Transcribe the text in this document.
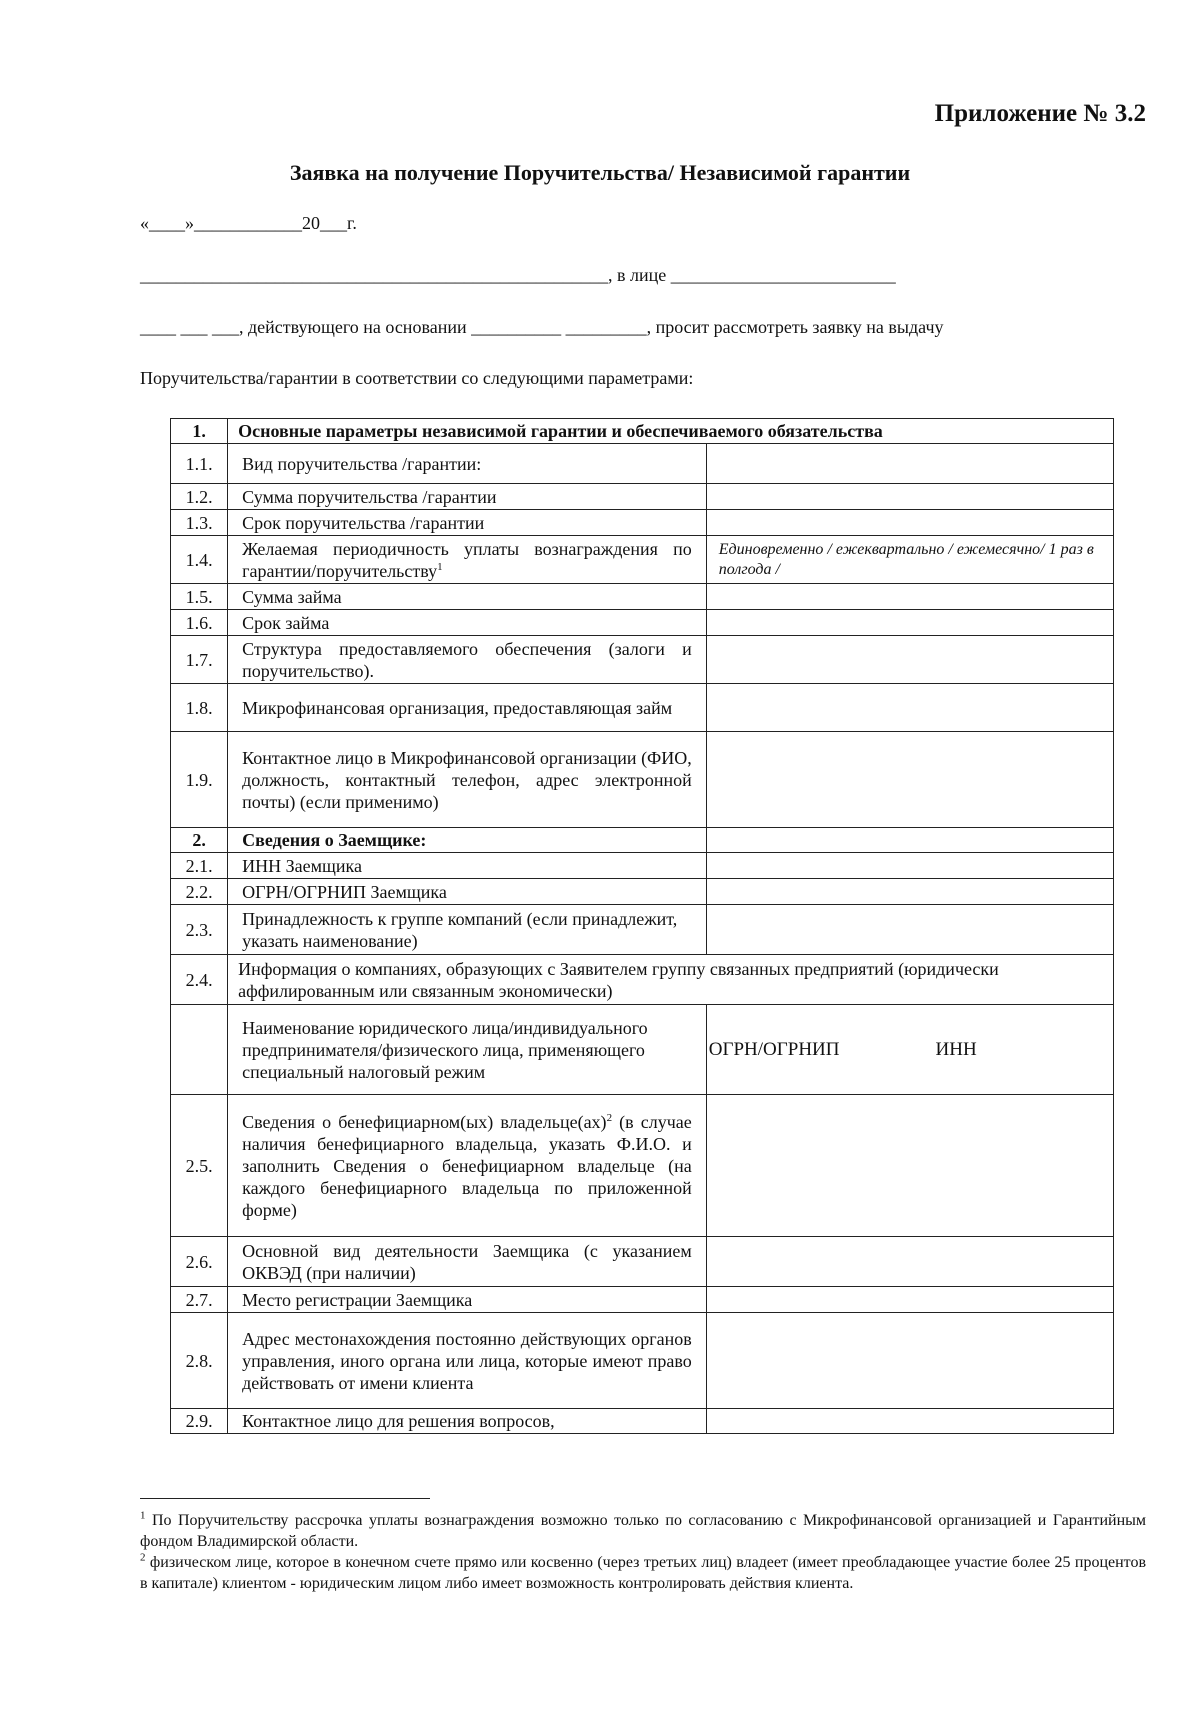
Приложение № 3.2
Заявка на получение Поручительства/ Независимой гарантии
«____»____________20___г.
____________________________________________________, в лице _________________________
____ ___ ___, действующего на основании __________ _________, просит рассмотреть заявку на выдачу
Поручительства/гарантии в соответствии со следующими параметрами:
1.	Основные параметры независимой гарантии и обеспечиваемого обязательства	
1.1.	Вид поручительства /гарантии:	
1.2.	Сумма поручительства /гарантии	
1.3.	Срок поручительства /гарантии	
1.4.	Желаемая периодичность уплаты вознаграждения по гарантии/поручительству$^1$	Единовременно / ежеквартально / ежемесячно/ 1 раз в полгода /
1.5.	Сумма займа	
1.6.	Срок займа	
1.7.	Структура предоставляемого обеспечения (залоги и поручительство).	
1.8.	Микрофинансовая организация, предоставляющая займ	
1.9.	Контактное лицо в Микрофинансовой организации (ФИО, должность, контактный телефон, адрес электронной почты) (если применимо)	
2.	Сведения о Заемщике:	
2.1.	ИНН Заемщика	
2.2.	ОГРН/ОГРНИП Заемщика	
2.3.	Принадлежность к группе компаний (если принадлежит, указать наименование)	
2.4.	Информация о компаниях, образующих с Заявителем группу связанных предприятий (юридически аффилированным или связанным экономически)	
	Наименование юридического лица/индивидуального предпринимателя/физического лица, применяющего специальный налоговый режим	ОГРН/ОГРНИП ИНН
2.5.	Сведения о бенефициарном(ых) владельце(ах)$^2$ (в случае наличия бенефициарного владельца, указать Ф.И.О. и заполнить Сведения о бенефициарном владельце (на каждого бенефициарного владельца по приложенной форме)	
2.6.	Основной вид деятельности Заемщика (с указанием ОКВЭД (при наличии)	
2.7.	Место регистрации Заемщика	
2.8.	Адрес местонахождения постоянно действующих органов управления, иного органа или лица, которые имеют право действовать от имени клиента	
2.9.	Контактное лицо для решения вопросов,	

$^1$ По Поручительству рассрочка уплаты вознаграждения возможно только по согласованию с Микрофинансовой организацией и Гарантийным фондом Владимирской области.

$^2$ физическом лице, которое в конечном счете прямо или косвенно (через третьих лиц) владеет (имеет преобладающее участие более 25 процентов в капитале) клиентом - юридическим лицом либо имеет возможность контролировать действия клиента.
